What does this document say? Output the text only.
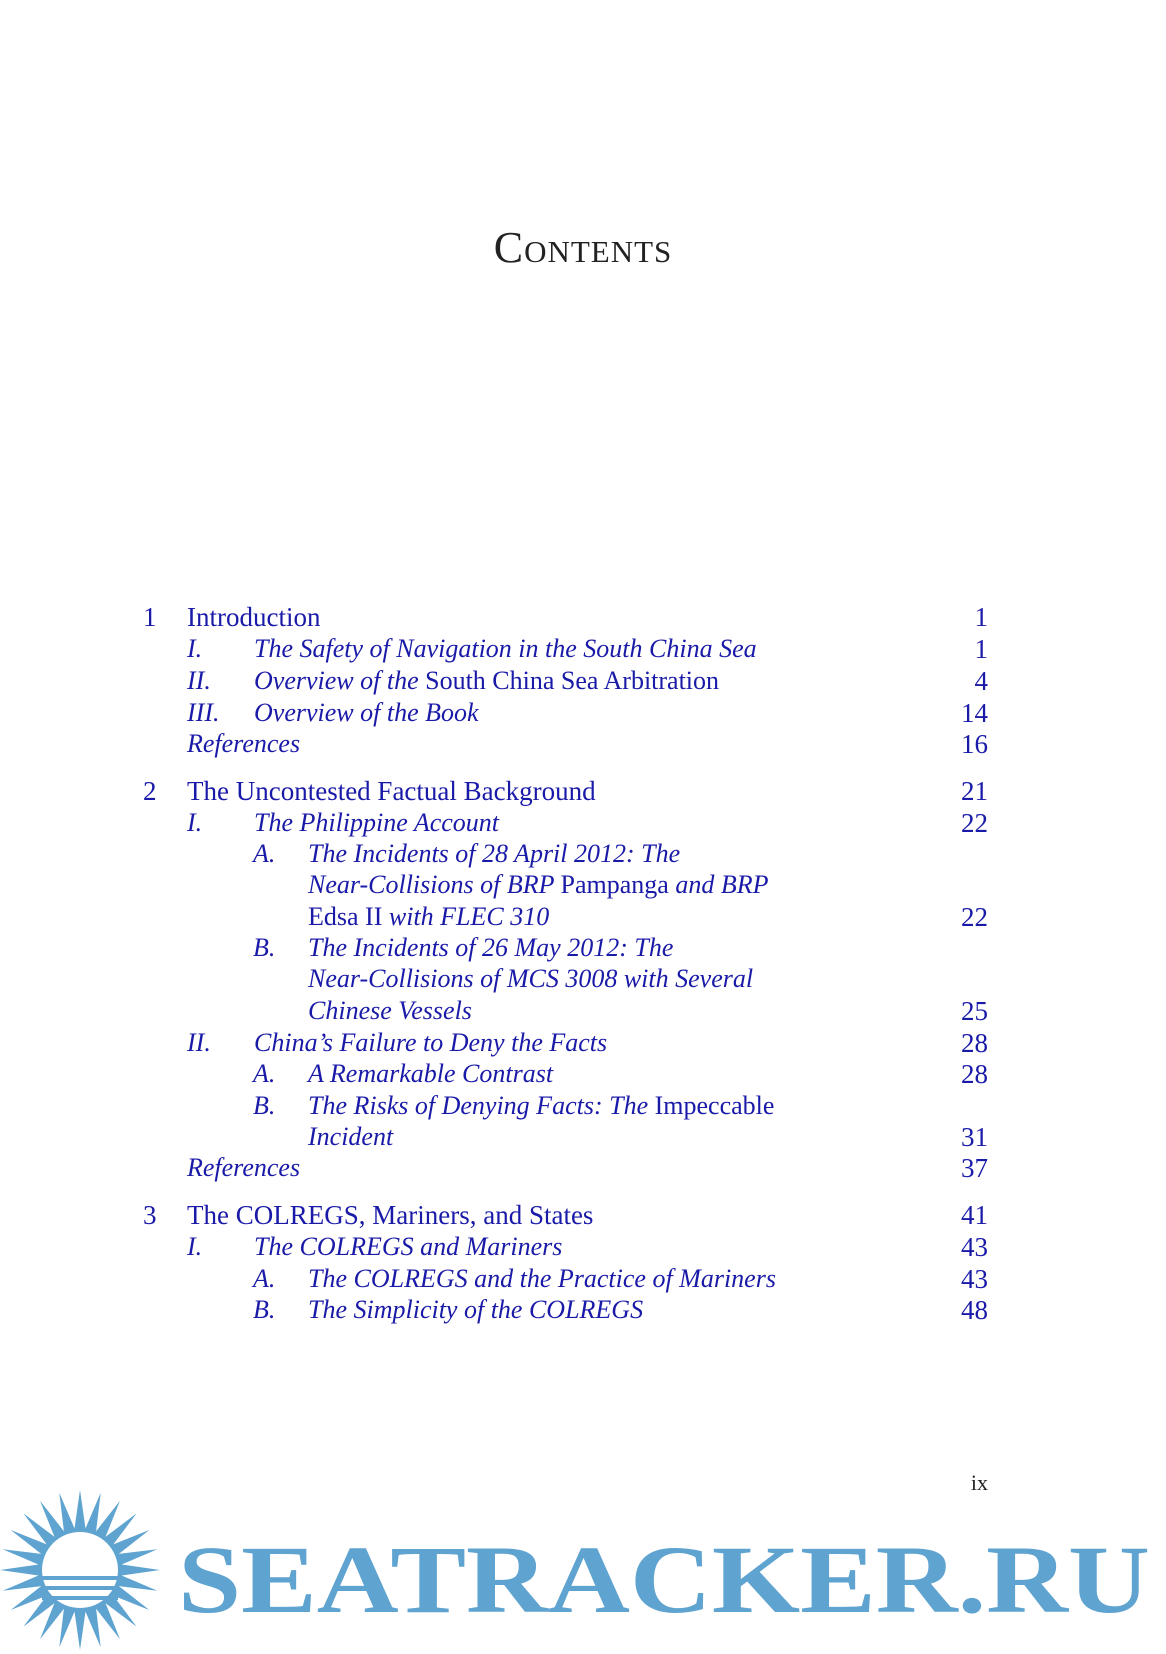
Contents
1 Introduction	1
I. The Safety of Navigation in the South China Sea	1
II. Overview of the South China Sea Arbitration	4
III. Overview of the Book	14
References	16
2 The Uncontested Factual Background	21
I. The Philippine Account	22
A. The Incidents of 28 April 2012: The
Near-Collisions of BRP Pampanga and BRP
Edsa II with FLEC 310	22
B. The Incidents of 26 May 2012: The
Near-Collisions of MCS 3008 with Several
Chinese Vessels	25
II. China’s Failure to Deny the Facts	28
A. A Remarkable Contrast	28
B. The Risks of Denying Facts: The Impeccable
Incident	31
References	37
3 The COLREGS, Mariners, and States	41
I. The COLREGS and Mariners	43
A. The COLREGS and the Practice of Mariners	43
B. The Simplicity of the COLREGS	48
ix
SEATRACKER.RU
